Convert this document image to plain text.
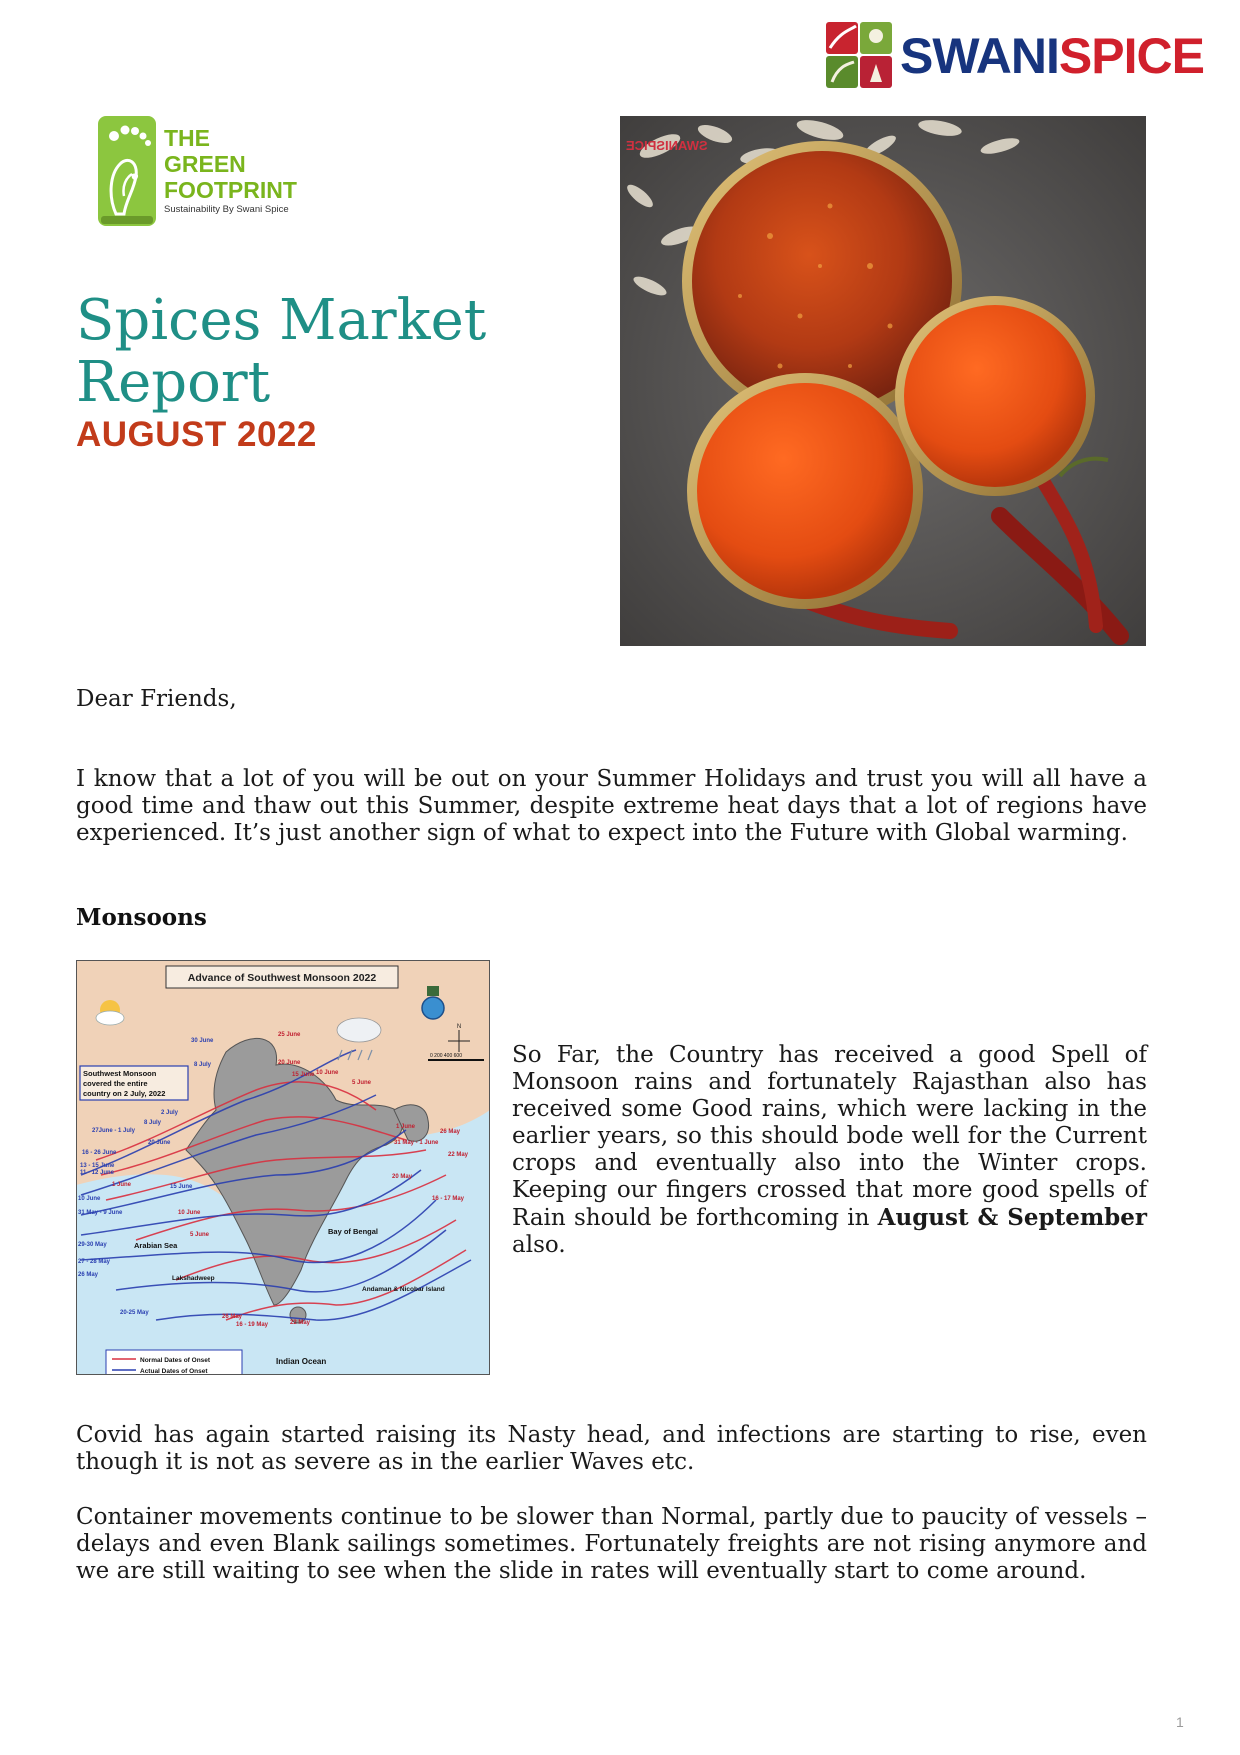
SWANISPICE
THE
GREEN
FOOTPRINT
Sustainability By Swani Spice
Spices Market
Report
AUGUST 2022
SWANISPICE
Dear Friends,
I know that a lot of you will be out on your Summer Holidays and trust you will all have a good time and thaw out this Summer, despite extreme heat days that a lot of regions have experienced. It’s just another sign of what to expect into the Future with Global warming.
Monsoons
N
Advance of Southwest Monsoon 2022
Southwest Monsoon
covered the entire
country on 2 July, 2022
0 200 400 600
Arabian Sea
Bay of Bengal
Andaman & Nicobar Island
Lakshadweep
Indian Ocean
30 June
8 July
2 July
8 July
27June - 1 July
20 June
16 - 26 June
13 - 15 June
11 - 12 June
15 June
10 June
31 May - 9 June
29-30 May
27 - 28 May
26 May
20-25 May
25 June
20 June
15 June 10 June
5 June
1 June
31 May - 1 June
26 May
22 May
20 May
16 - 17 May
26 May
16 - 19 May	22 May
5 June
10 June
1 June
Normal Dates of Onset
Actual Dates of Onset
So Far, the Country has received a good Spell of Monsoon rains and fortunately Rajasthan also has received some Good rains, which were lacking in the earlier years, so this should bode well for the Current crops and eventually also into the Winter crops. Keeping our fingers crossed that more good spells of Rain should be forthcoming in August & September also.
Covid has again started raising its Nasty head, and infections are starting to rise, even though it is not as severe as in the earlier Waves etc.
Container movements continue to be slower than Normal, partly due to paucity of vessels –delays and even Blank sailings sometimes. Fortunately freights are not rising anymore and we are still waiting to see when the slide in rates will eventually start to come around.
1
